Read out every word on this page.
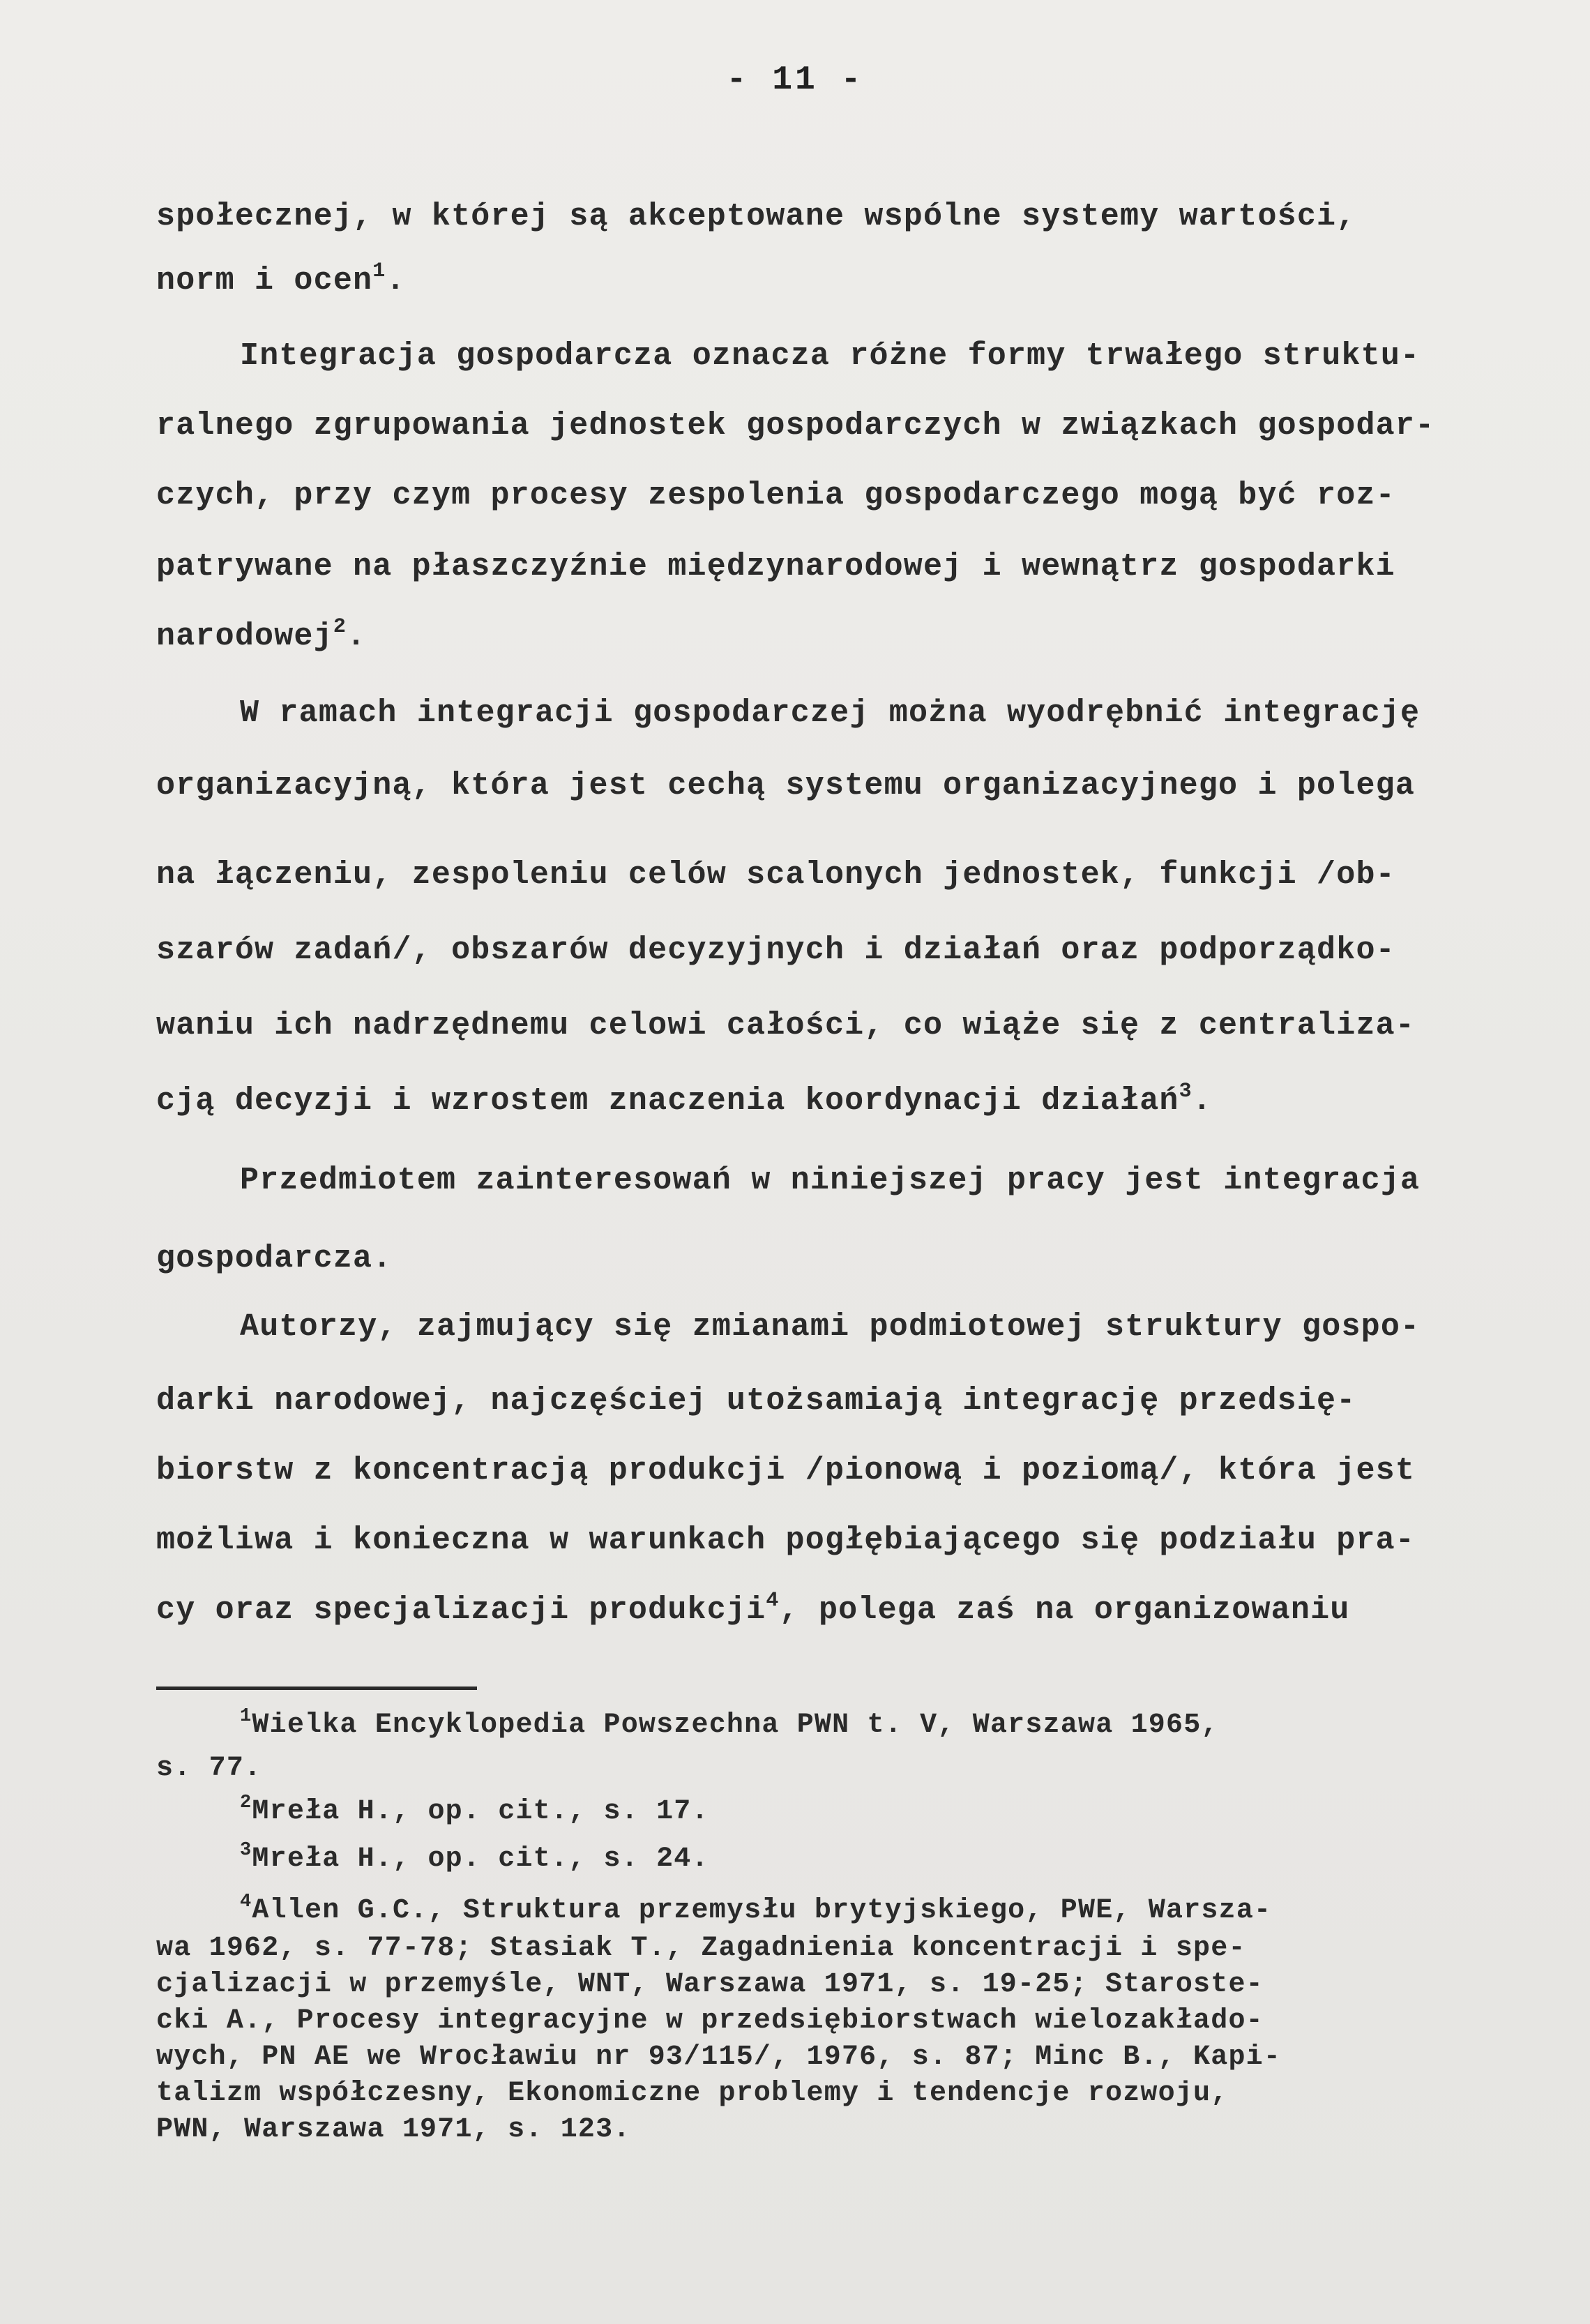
- 11 -
społecznej, w której są akceptowane wspólne systemy wartości,
norm i ocen$^1$.
Integracja gospodarcza oznacza różne formy trwałego struktu-
ralnego zgrupowania jednostek gospodarczych w związkach gospodar-
czych, przy czym procesy zespolenia gospodarczego mogą być roz-
patrywane na płaszczyźnie międzynarodowej i wewnątrz gospodarki
narodowej$^2$.
W ramach integracji gospodarczej można wyodrębnić integrację
organizacyjną, która jest cechą systemu organizacyjnego i polega
na łączeniu, zespoleniu celów scalonych jednostek, funkcji /ob-
szarów zadań/, obszarów decyzyjnych i działań oraz podporządko-
waniu ich nadrzędnemu celowi całości, co wiąże się z centraliza-
cją decyzji i wzrostem znaczenia koordynacji działań$^3$.
Przedmiotem zainteresowań w niniejszej pracy jest integracja
gospodarcza.
Autorzy, zajmujący się zmianami podmiotowej struktury gospo-
darki narodowej, najczęściej utożsamiają integrację przedsię-
biorstw z koncentracją produkcji /pionową i poziomą/, która jest
możliwa i konieczna w warunkach pogłębiającego się podziału pra-
cy oraz specjalizacji produkcji$^4$, polega zaś na organizowaniu
$^1$Wielka Encyklopedia Powszechna PWN t. V, Warszawa 1965,
s. 77.
$^2$Mreła H., op. cit., s. 17.
$^3$Mreła H., op. cit., s. 24.
$^4$Allen G.C., Struktura przemysłu brytyjskiego, PWE, Warsza-
wa 1962, s. 77-78; Stasiak T., Zagadnienia koncentracji i spe-
cjalizacji w przemyśle, WNT, Warszawa 1971, s. 19-25; Staroste-
cki A., Procesy integracyjne w przedsiębiorstwach wielozakłado-
wych, PN AE we Wrocławiu nr 93/115/, 1976, s. 87; Minc B., Kapi-
talizm współczesny, Ekonomiczne problemy i tendencje rozwoju,
PWN, Warszawa 1971, s. 123.
